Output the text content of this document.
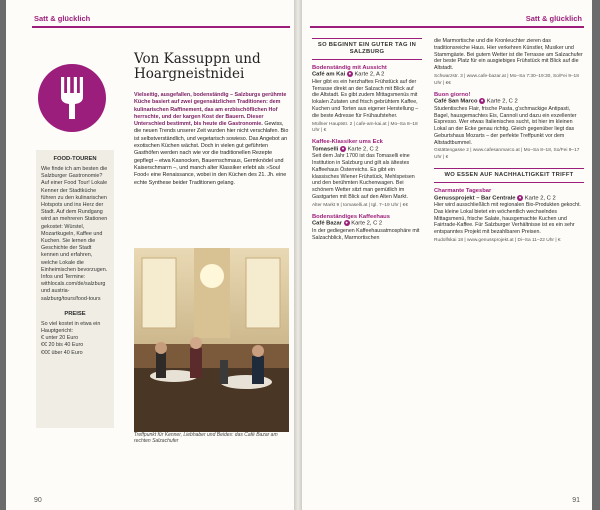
Satt & glücklich
Von Kassuppn und Hoargneistnidei
Vielseitig, ausgefallen, bodenständig – Salzburgs gerühmte Küche basiert auf zwei gegensätzlichen Traditionen: dem kulinarischen Raffinement, das am erzbischöflichen Hof herrschte, und der kargen Kost der Bauern. Dieser Unterschied bestimmt, bis heute die Gastronomie. Gewiss, die neuen Trends unserer Zeit wurden hier nicht verschlafen. Bio ist selbstverständlich, und vegetarisch sowieso. Das Angebot an exotischen Küchen wächst. Doch in vielen gut geführten Gasthöfen werden nach wie vor die traditionellen Rezepte gepflegt – etwa Kasnocken, Bauernschmaus, Germknödel und Kaiserschmarrn –, und manch alter Klassiker erlebt als »Soul Food« eine Renaissance, wobei in den Küchen des 21. Jh. eine echte Synthese beider Traditionen gelang.
FOOD-TOUREN
Wie finde ich am besten die Salzburger Gastronomie? Auf einer Food Tour! Lokale Kenner der Stadtküche führen zu den kulinarischen Hotspots und ins Herz der Stadt. Auf dem Rundgang wird an mehreren Stationen gekostet: Würstel, Mozartkugeln, Kaffee und Kuchen. Sie lernen die Geschichte der Stadt kennen und erfahren, welche Lokale die Einheimischen bevorzugen. Infos und Termine: withlocals.com/de/salzburg und austria-salzburg/tours/food-tours
PREISE
So viel kostet in etwa ein Hauptgericht:
€ unter 20 Euro
€€ 20 bis 40 Euro
€€€ über 40 Euro
Treffpunkt für Kenner, Liebhaber und Beides: das Café Bazar am rechten Salzachufer
90
Satt & glücklich
SO BEGINNT EIN GUTER TAG IN SALZBURG
Bodenständig mit Aussicht
Café am Kai ● Karte 2, A 2

Hier gibt es ein herzhaftes Frühstück auf der Terrasse direkt an der Salzach mit Blick auf die Altstadt. Es gibt zudem Mittagsmenüs mit lokalen Zutaten und frisch gebrühtem Kaffee, Kuchen und Torten aus eigener Herstellung – die beste Adresse für Frühaufsteher.

Müllner Hauptstr. 2 | cafe-am-kai.at | Mo–Sa 8–18 Uhr | €
Kaffee-Klassiker ums Eck
Tomaselli ● Karte 2, C 2

Seit dem Jahr 1700 ist das Tomaselli eine Institution in Salzburg und gilt als ältestes Kaffeehaus Österreichs. Es gibt ein klassisches Wiener Frühstück, Mehlspeisen und den berühmten Kuchenwagen. Bei schönem Wetter sitzt man gemütlich im Gastgarten mit Blick auf den Alten Markt.

Alter Markt 9 | tomaselli.at | tgl. 7–19 Uhr | €€
Bodenständiges Kaffeehaus
Café Bazar ● Karte 2, C 2

In der gediegenen Kaffeehausatmosphäre mit Salzachblick, Marmortischen

die Marmortische und die Kronleuchter zieren das traditionsreiche Haus. Hier verkehren Künstler, Musiker und Stammgäste. Bei gutem Wetter ist die Terrasse am Salzachufer der beste Platz für ein ausgiebiges Frühstück mit Blick auf die Altstadt.

Schwarzstr. 3 | www.cafe-bazar.at | Mo–Sa 7:30–19:30, So/Fei 9–18 Uhr | €€
Buon giorno!
Café San Marco ● Karte 2, C 2

Studentisches Flair, frische Pasta, g'schmackige Antipasti, Bagel, hausgemachtes Eis, Cannoli und dazu ein exzellenter Espresso. Wer etwas Italienisches sucht, ist hier im kleinen Lokal an der Ecke genau richtig. Gleich gegenüber liegt das Geburtshaus Mozarts – der perfekte Treffpunkt vor dem Altstadtbummel.

Gstättengasse 2 | www.cafesanmarco.at | Mo–Sa 8–18, So/Fei 9–17 Uhr | €
WO ESSEN AUF NACHHALTIGKEIT TRIFFT
Charmante Tagesbar
Genussprojekt – Bar Centrale ● Karte 2, C 2

Hier wird ausschließlich mit regionalen Bio-Produkten gekocht. Das kleine Lokal bietet ein wöchentlich wechselndes Mittagsmenü, frische Salate, hausgemachte Kuchen und Fairtrade-Kaffee. Für Salzburger Verhältnisse ist es ein sehr entspanntes Projekt mit bezahlbaren Preisen.

Rudolfskai 18 | www.genussprojekt.at | Di–Sa 11–22 Uhr | €
91
